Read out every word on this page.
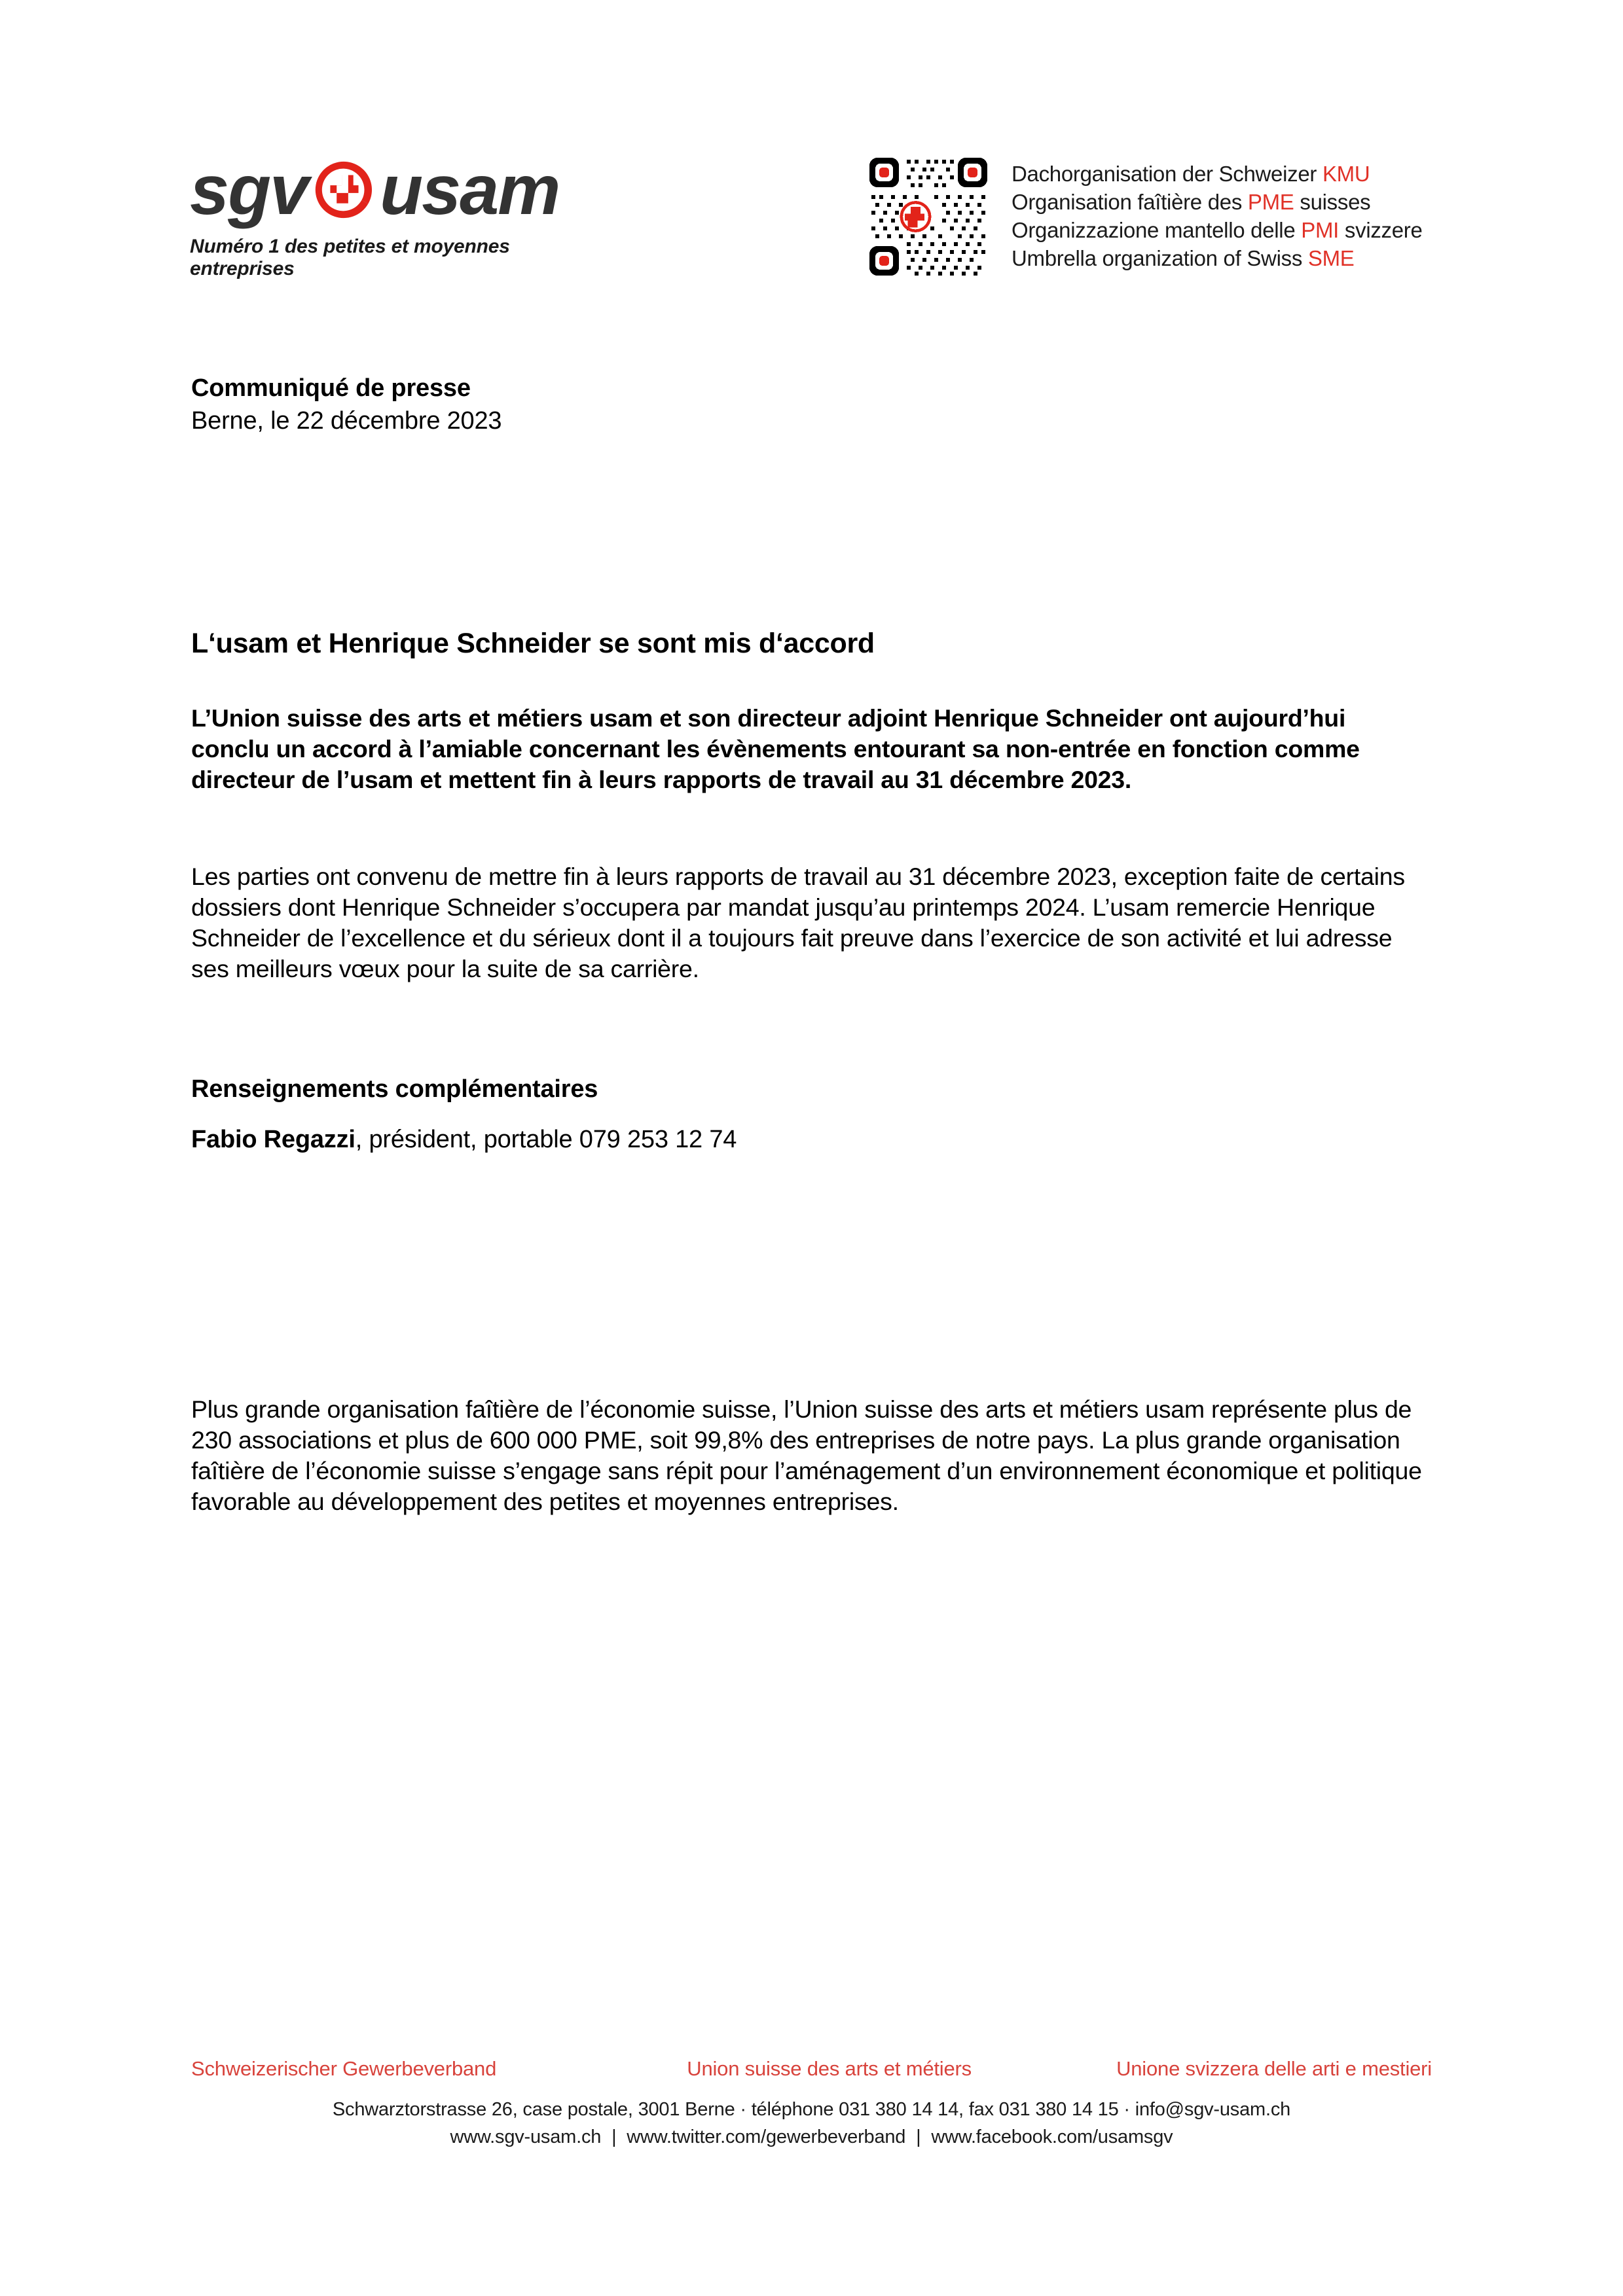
sgv usam
Numéro 1 des petites et moyennes entreprises
Dachorganisation der Schweizer KMU
Organisation faîtière des PME suisses
Organizzazione mantello delle PMI svizzere
Umbrella organization of Swiss SME
Communiqué de presse
Berne, le 22 décembre 2023
L‘usam et Henrique Schneider se sont mis d‘accord

L’Union suisse des arts et métiers usam et son directeur adjoint Henrique Schneider ont aujourd’hui conclu un accord à l’amiable concernant les évènements entourant sa non-entrée en fonction comme directeur de l’usam et mettent fin à leurs rapports de travail au 31 décembre 2023.

Les parties ont convenu de mettre fin à leurs rapports de travail au 31 décembre 2023, exception faite de certains dossiers dont Henrique Schneider s’occupera par mandat jusqu’au printemps 2024. L’usam remercie Henrique Schneider de l’excellence et du sérieux dont il a toujours fait preuve dans l’exercice de son activité et lui adresse ses meilleurs vœux pour la suite de sa carrière.

Renseignements complémentaires
Fabio Regazzi, président, portable 079 253 12 74

Plus grande organisation faîtière de l’économie suisse, l’Union suisse des arts et métiers usam représente plus de 230 associations et plus de 600 000 PME, soit 99,8% des entreprises de notre pays. La plus grande organisation faîtière de l’économie suisse s’engage sans répit pour l’aménagement d’un environnement économique et politique favorable au développement des petites et moyennes entreprises.

Schweizerischer Gewerbeverband	Union suisse des arts et métiers	Unione svizzera delle arti e mestieri
Schwarztorstrasse 26, case postale, 3001 Berne · téléphone 031 380 14 14, fax 031 380 14 15 · info@sgv-usam.ch
www.sgv-usam.ch | www.twitter.com/gewerbeverband | www.facebook.com/usamsgv
